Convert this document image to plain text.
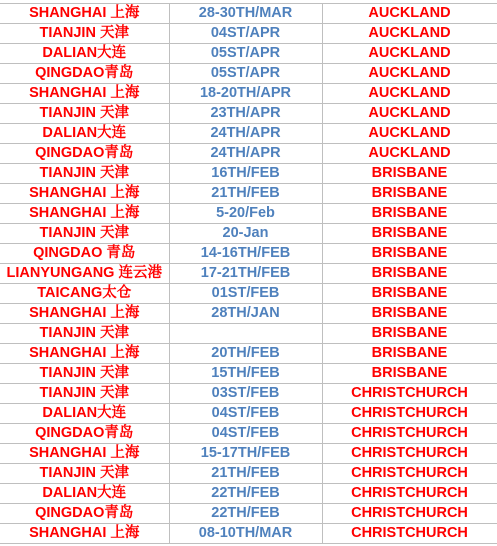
SHANGHAI 上海	28-30TH/MAR	AUCKLAND
TIANJIN 天津	04ST/APR	AUCKLAND
DALIAN大连	05ST/APR	AUCKLAND
QINGDAO青岛	05ST/APR	AUCKLAND
SHANGHAI 上海	18-20TH/APR	AUCKLAND
TIANJIN 天津	23TH/APR	AUCKLAND
DALIAN大连	24TH/APR	AUCKLAND
QINGDAO青岛	24TH/APR	AUCKLAND
TIANJIN 天津	16TH/FEB	BRISBANE
SHANGHAI 上海	21TH/FEB	BRISBANE
SHANGHAI 上海	5-20/Feb	BRISBANE
TIANJIN 天津	20-Jan	BRISBANE
QINGDAO 青岛	14-16TH/FEB	BRISBANE
LIANYUNGANG 连云港	17-21TH/FEB	BRISBANE
TAICANG太仓	01ST/FEB	BRISBANE
SHANGHAI 上海	28TH/JAN	BRISBANE
TIANJIN 天津		BRISBANE
SHANGHAI 上海	20TH/FEB	BRISBANE
TIANJIN 天津	15TH/FEB	BRISBANE
TIANJIN 天津	03ST/FEB	CHRISTCHURCH
DALIAN大连	04ST/FEB	CHRISTCHURCH
QINGDAO青岛	04ST/FEB	CHRISTCHURCH
SHANGHAI 上海	15-17TH/FEB	CHRISTCHURCH
TIANJIN 天津	21TH/FEB	CHRISTCHURCH
DALIAN大连	22TH/FEB	CHRISTCHURCH
QINGDAO青岛	22TH/FEB	CHRISTCHURCH
SHANGHAI 上海	08-10TH/MAR	CHRISTCHURCH
